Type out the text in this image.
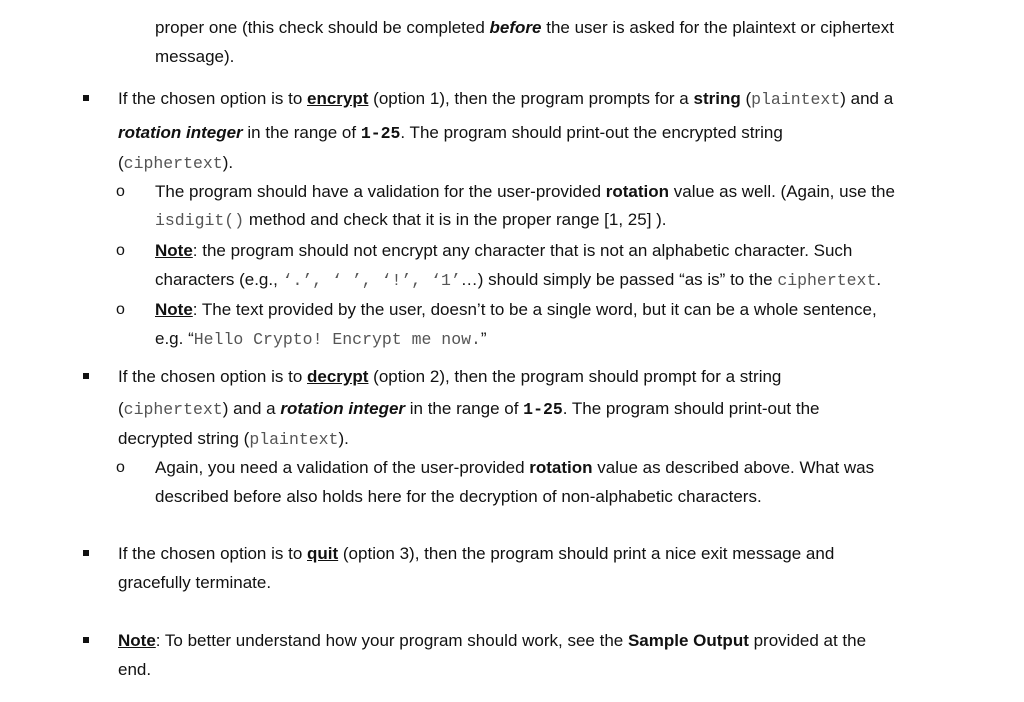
proper one (this check should be completed before the user is asked for the plaintext or ciphertext
message).
If the chosen option is to encrypt (option 1), then the program prompts for a string (plaintext) and a
rotation integer in the range of 1-25. The program should print-out the encrypted string
(ciphertext).
o The program should have a validation for the user-provided rotation value as well. (Again, use the
isdigit() method and check that it is in the proper range [1, 25] ).
o Note: the program should not encrypt any character that is not an alphabetic character. Such
characters (e.g., ‘.’, ‘ ’, ‘!’, ‘1’…) should simply be passed “as is” to the ciphertext.
o Note: The text provided by the user, doesn’t to be a single word, but it can be a whole sentence,
e.g. “Hello Crypto! Encrypt me now.”
If the chosen option is to decrypt (option 2), then the program should prompt for a string
(ciphertext) and a rotation integer in the range of 1-25. The program should print-out the
decrypted string (plaintext).
o Again, you need a validation of the user-provided rotation value as described above. What was
described before also holds here for the decryption of non-alphabetic characters.
If the chosen option is to quit (option 3), then the program should print a nice exit message and
gracefully terminate.
Note: To better understand how your program should work, see the Sample Output provided at the
end.
